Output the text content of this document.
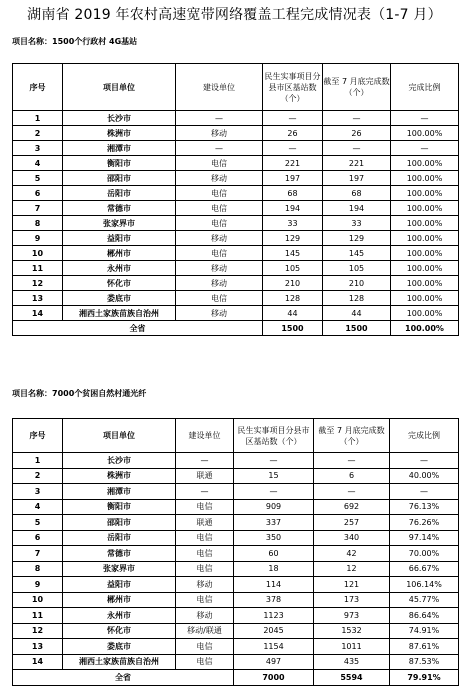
湖南省 2019 年农村高速宽带网络覆盖工程完成情况表（1-7 月）
项目名称：1500个行政村 4G基站
序号	项目单位	建设单位	民生实事项目分县市区基站数（个）	截至 7 月底完成数（个）	完成比例
1	长沙市	—	—	—	—
2	株洲市	移动	26	26	100.00%
3	湘潭市	—	—	—	—
4	衡阳市	电信	221	221	100.00%
5	邵阳市	移动	197	197	100.00%
6	岳阳市	电信	68	68	100.00%
7	常德市	电信	194	194	100.00%
8	张家界市	电信	33	33	100.00%
9	益阳市	移动	129	129	100.00%
10	郴州市	电信	145	145	100.00%
11	永州市	移动	105	105	100.00%
12	怀化市	移动	210	210	100.00%
13	娄底市	电信	128	128	100.00%
14	湘西土家族苗族自治州	移动	44	44	100.00%
全省			1500	1500	100.00%
项目名称：7000个贫困自然村通光纤
序号	项目单位	建设单位	民生实事项目分县市区基站数（个）	截至 7 月底完成数（个）	完成比例
1	长沙市	—	—	—	—
2	株洲市	联通	15	6	40.00%
3	湘潭市	—	—	—	—
4	衡阳市	电信	909	692	76.13%
5	邵阳市	联通	337	257	76.26%
6	岳阳市	电信	350	340	97.14%
7	常德市	电信	60	42	70.00%
8	张家界市	电信	18	12	66.67%
9	益阳市	移动	114	121	106.14%
10	郴州市	电信	378	173	45.77%
11	永州市	移动	1123	973	86.64%
12	怀化市	移动/联通	2045	1532	74.91%
13	娄底市	电信	1154	1011	87.61%
14	湘西土家族苗族自治州	电信	497	435	87.53%
全省			7000	5594	79.91%
